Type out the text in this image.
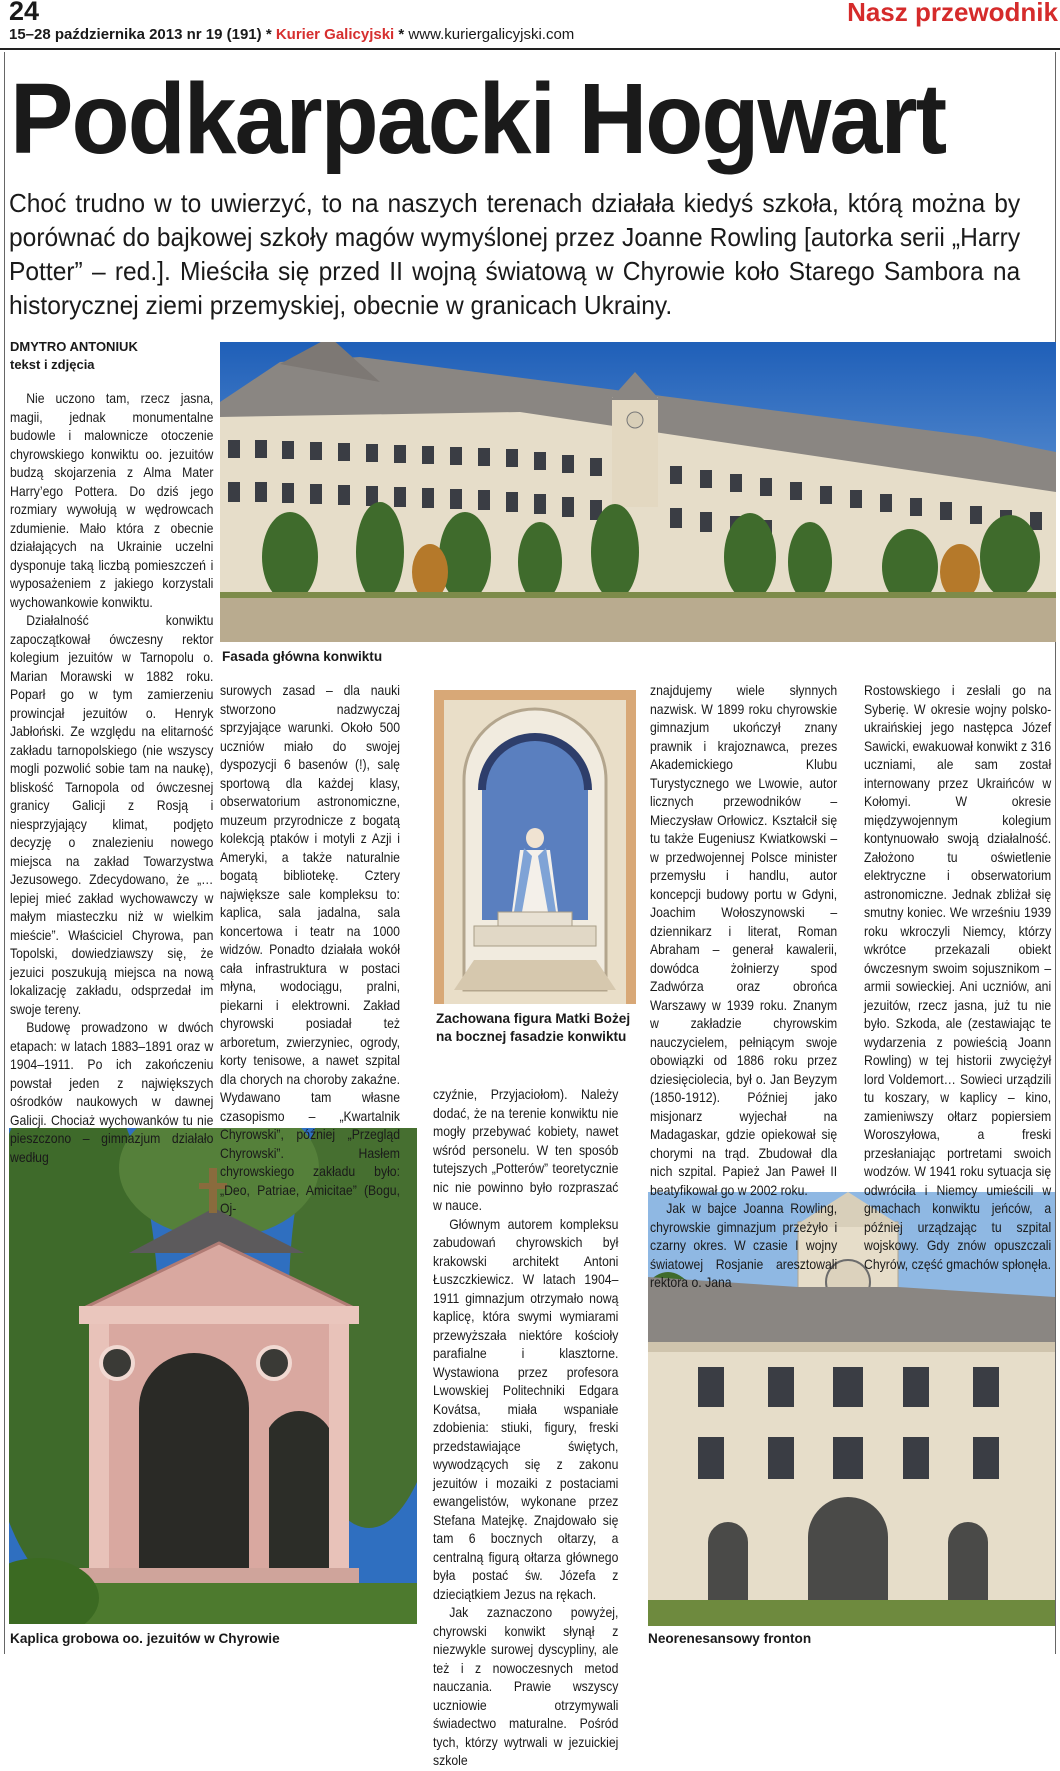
24
15–28 października 2013 nr 19 (191) * Kurier Galicyjski * www.kuriergalicyjski.com
Nasz przewodnik
Podkarpacki Hogwart

Choć trudno w to uwierzyć, to na naszych terenach działała kiedyś szkoła, którą można by porównać do bajkowej szkoły magów wymyślonej przez Joanne Rowling [autorka serii „Harry Potter” – red.]. Mieściła się przed II wojną światową w Chyrowie koło Starego Sambora na historycznej ziemi przemyskiej, obecnie w granicach Ukrainy.

DMYTRO ANTONIUK
tekst i zdjęcia
Fasada główna konwiktu
Zachowana figura Matki Bożej na bocznej fasadzie konwiktu
Kaplica grobowa oo. jezuitów w Chyrowie	Neorenesansowy fronton

Nie uczono tam, rzecz jasna, magii, jednak monumentalne budowle i malownicze otoczenie chyrowskiego konwiktu oo. jezuitów budzą skojarzenia z Alma Mater Harry’ego Pottera. Do dziś jego rozmiary wywołują w wędrowcach zdumienie. Mało która z obecnie działających na Ukrainie uczelni dysponuje taką liczbą pomieszczeń i wyposażeniem z jakiego korzystali wychowankowie konwiktu.

Działalność konwiktu zapoczątkował ówczesny rektor kolegium jezuitów w Tarnopolu o. Marian Morawski w 1882 roku. Poparł go w tym zamierzeniu prowincjał jezuitów o. Henryk Jabłoński. Ze względu na elitarność zakładu tarnopolskiego (nie wszyscy mogli pozwolić sobie tam na naukę), bliskość Tarnopola od ówczesnej granicy Galicji z Rosją i niesprzyjający klimat, podjęto decyzję o znalezieniu nowego miejsca na zakład Towarzystwa Jezusowego. Zdecydowano, że „…lepiej mieć zakład wychowawczy w małym miasteczku niż w wielkim mieście”. Właściciel Chyrowa, pan Topolski, dowiedziawszy się, że jezuici poszukują miejsca na nową lokalizację zakładu, odsprzedał im swoje tereny.

Budowę prowadzono w dwóch etapach: w latach 1883–1891 oraz w 1904–1911. Po ich zakończeniu powstał jeden z największych ośrodków naukowych w dawnej Galicji. Chociaż wychowanków tu nie pieszczono – gimnazjum działało według

surowych zasad – dla nauki stworzono nadzwyczaj sprzyjające warunki. Około 500 uczniów miało do swojej dyspozycji 6 basenów (!), salę sportową dla każdej klasy, obserwatorium astronomiczne, muzeum przyrodnicze z bogatą kolekcją ptaków i motyli z Azji i Ameryki, a także naturalnie bogatą bibliotekę. Cztery największe sale kompleksu to: kaplica, sala jadalna, sala koncertowa i teatr na 1000 widzów. Ponadto działała wokół cała infrastruktura w postaci młyna, wodociągu, pralni, piekarni i elektrowni. Zakład chyrowski posiadał też arboretum, zwierzyniec, ogrody, korty tenisowe, a nawet szpital dla chorych na choroby zakaźne. Wydawano tam własne czasopismo – „Kwartalnik Chyrowski”, później „Przegląd Chyrowski”. Hasłem chyrowskiego zakładu było: „Deo, Patriae, Amicitae” (Bogu, Oj-

czyźnie, Przyjaciołom). Należy dodać, że na terenie konwiktu nie mogły przebywać kobiety, nawet wśród personelu. W ten sposób tutejszych „Potterów” teoretycznie nic nie powinno było rozpraszać w nauce.

Głównym autorem kompleksu zabudowań chyrowskich był krakowski architekt Antoni Łuszczkiewicz. W latach 1904–1911 gimnazjum otrzymało nową kaplicę, która swymi wymiarami przewyższała niektóre kościoły parafialne i klasztorne. Wystawiona przez profesora Lwowskiej Politechniki Edgara Kovátsa, miała wspaniałe zdobienia: stiuki, figury, freski przedstawiające świętych, wywodzących się z zakonu jezuitów i mozaiki z postaciami ewangelistów, wykonane przez Stefana Matejkę. Znajdowało się tam 6 bocznych ołtarzy, a centralną figurą ołtarza głównego była postać św. Józefa z dzieciątkiem Jezus na rękach.

Jak zaznaczono powyżej, chyrowski konwikt słynął z niezwykle surowej dyscypliny, ale też i z nowoczesnych metod nauczania. Prawie wszyscy uczniowie otrzymywali świadectwo maturalne. Pośród tych, którzy wytrwali w jezuickiej szkole

znajdujemy wiele słynnych nazwisk. W 1899 roku chyrowskie gimnazjum ukończył znany prawnik i krajoznawca, prezes Akademickiego Klubu Turystycznego we Lwowie, autor licznych przewodników – Mieczysław Orłowicz. Kształcił się tu także Eugeniusz Kwiatkowski – w przedwojennej Polsce minister przemysłu i handlu, autor koncepcji budowy portu w Gdyni, Joachim Wołoszynowski – dziennikarz i literat, Roman Abraham – generał kawalerii, dowódca żołnierzy spod Zadwórza oraz obrońca Warszawy w 1939 roku. Znanym w zakładzie chyrowskim nauczycielem, pełniącym swoje obowiązki od 1886 roku przez dziesięciolecia, był o. Jan Beyzym (1850-1912). Później jako misjonarz wyjechał na Madagaskar, gdzie opiekował się chorymi na trąd. Zbudował dla nich szpital. Papież Jan Paweł II beatyfikował go w 2002 roku.

Jak w bajce Joanna Rowling, chyrowskie gimnazjum przeżyło i czarny okres. W czasie I wojny światowej Rosjanie aresztowali rektora o. Jana

Rostowskiego i zesłali go na Syberię. W okresie wojny polsko-ukraińskiej jego następca Józef Sawicki, ewakuował konwikt z 316 uczniami, ale sam został internowany przez Ukraińców w Kołomyi. W okresie międzywojennym kolegium kontynuowało swoją działalność. Założono tu oświetlenie elektryczne i obserwatorium astronomiczne. Jednak zbliżał się smutny koniec. We wrześniu 1939 roku wkroczyli Niemcy, którzy wkrótce przekazali obiekt ówczesnym swoim sojusznikom – armii sowieckiej. Ani uczniów, ani jezuitów, rzecz jasna, już tu nie było. Szkoda, ale (zestawiając te wydarzenia z powieścią Joann Rowling) w tej historii zwyciężył lord Voldemort… Sowieci urządzili tu koszary, w kaplicy – kino, zamieniwszy ołtarz popiersiem Woroszyłowa, a freski przesłaniając portretami swoich wodzów. W 1941 roku sytuacja się odwróciła i Niemcy umieścili w gmachach konwiktu jeńców, a później urządzając tu szpital wojskowy. Gdy znów opuszczali Chyrów, część gmachów spłonęła.
